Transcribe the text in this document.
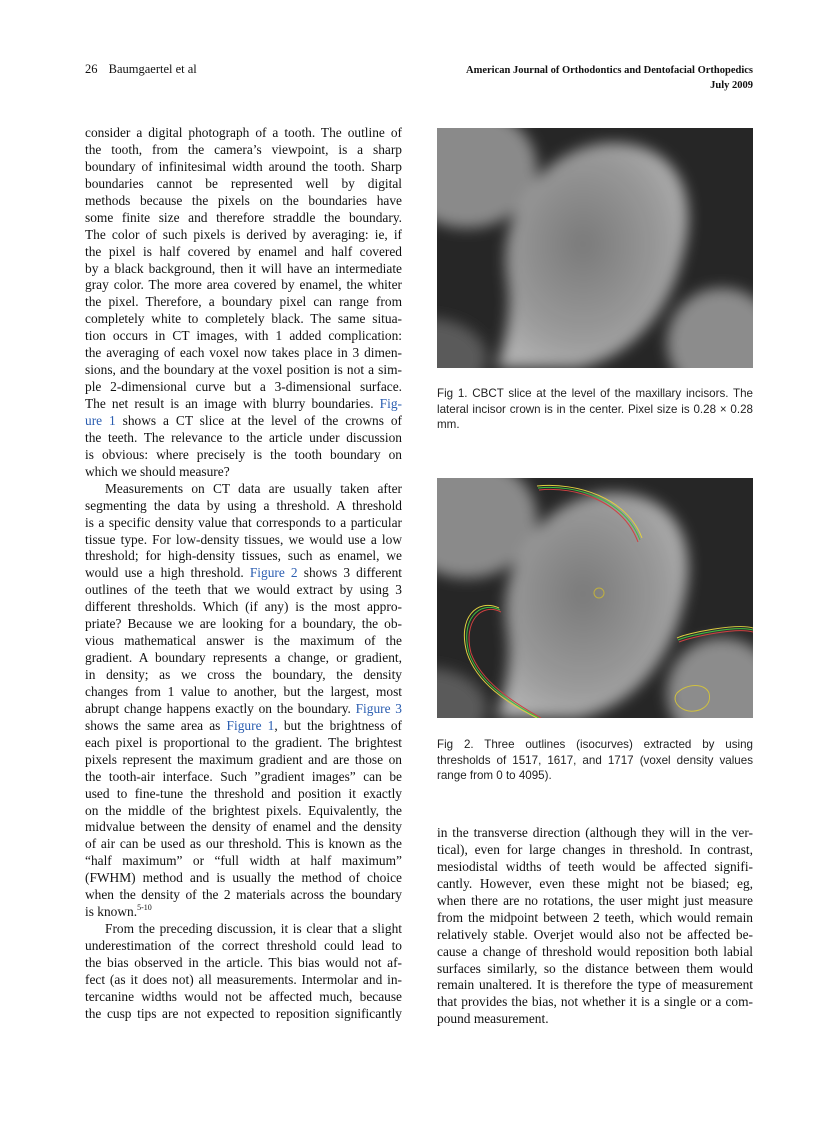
26 Baumgaertel et al	American Journal of Orthodontics and Dentofacial Orthopedics
July 2009
consider a digital photograph of a tooth. The outline of
the tooth, from the camera’s viewpoint, is a sharp
boundary of infinitesimal width around the tooth. Sharp
boundaries cannot be represented well by digital
methods because the pixels on the boundaries have
some finite size and therefore straddle the boundary.
The color of such pixels is derived by averaging: ie, if
the pixel is half covered by enamel and half covered
by a black background, then it will have an intermediate
gray color. The more area covered by enamel, the whiter
the pixel. Therefore, a boundary pixel can range from
completely white to completely black. The same situa-
tion occurs in CT images, with 1 added complication:
the averaging of each voxel now takes place in 3 dimen-
sions, and the boundary at the voxel position is not a sim-
ple 2-dimensional curve but a 3-dimensional surface.
The net result is an image with blurry boundaries. Fig-
ure 1 shows a CT slice at the level of the crowns of
the teeth. The relevance to the article under discussion
is obvious: where precisely is the tooth boundary on
which we should measure?
Measurements on CT data are usually taken after
segmenting the data by using a threshold. A threshold
is a specific density value that corresponds to a particular
tissue type. For low-density tissues, we would use a low
threshold; for high-density tissues, such as enamel, we
would use a high threshold. Figure 2 shows 3 different
outlines of the teeth that we would extract by using 3
different thresholds. Which (if any) is the most appro-
priate? Because we are looking for a boundary, the ob-
vious mathematical answer is the maximum of the
gradient. A boundary represents a change, or gradient,
in density; as we cross the boundary, the density
changes from 1 value to another, but the largest, most
abrupt change happens exactly on the boundary. Figure 3
shows the same area as Figure 1, but the brightness of
each pixel is proportional to the gradient. The brightest
pixels represent the maximum gradient and are those on
the tooth-air interface. Such ”gradient images” can be
used to fine-tune the threshold and position it exactly
on the middle of the brightest pixels. Equivalently, the
midvalue between the density of enamel and the density
of air can be used as our threshold. This is known as the
“half maximum” or “full width at half maximum”
(FWHM) method and is usually the method of choice
when the density of the 2 materials across the boundary
is known.$^{5-10}$
From the preceding discussion, it is clear that a slight
underestimation of the correct threshold could lead to
the bias observed in the article. This bias would not af-
fect (as it does not) all measurements. Intermolar and in-
tercanine widths would not be affected much, because
the cusp tips are not expected to reposition significantly
in the transverse direction (although they will in the ver-
tical), even for large changes in threshold. In contrast,
mesiodistal widths of teeth would be affected signifi-
cantly. However, even these might not be biased; eg,
when there are no rotations, the user might just measure
from the midpoint between 2 teeth, which would remain
relatively stable. Overjet would also not be affected be-
cause a change of threshold would reposition both labial
surfaces similarly, so the distance between them would
remain unaltered. It is therefore the type of measurement
that provides the bias, not whether it is a single or a com-
pound measurement.
Fig 1. CBCT slice at the level of the maxillary incisors. The lateral incisor crown is in the center. Pixel size is 0.28 × 0.28 mm.
Fig 2. Three outlines (isocurves) extracted by using thresholds of 1517, 1617, and 1717 (voxel density values range from 0 to 4095).
